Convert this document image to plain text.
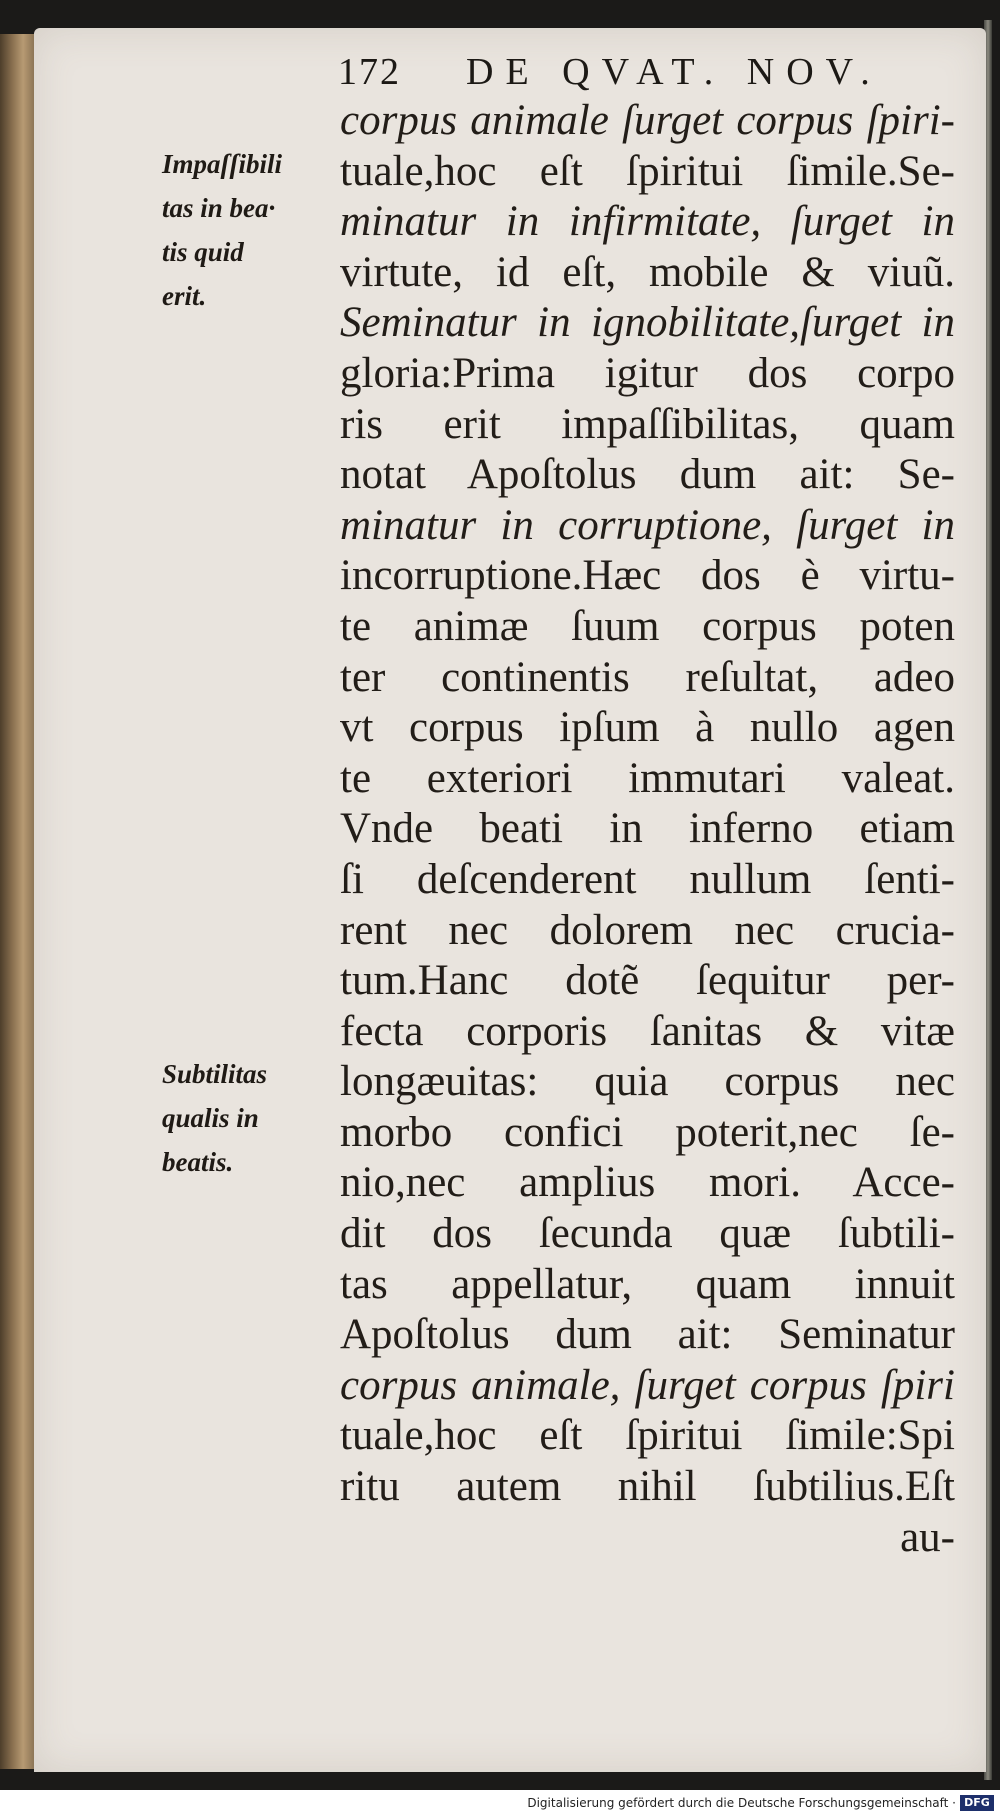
172 DE QVAT. NOV.
Impaſſibili
tas in bea·
tis quid
erit.
Subtilitas
qualis in
beatis.
corpus animale ſurget corpus ſpiri-
tuale,hoc eſt ſpiritui ſimile.Se-
minatur in infirmitate, ſurget in
virtute, id eſt, mobile & viuũ.
Seminatur in ignobilitate,ſurget in
gloria:Prima igitur dos corpo
ris erit impaſſibilitas, quam
notat Apoſtolus dum ait: Se-
minatur in corruptione, ſurget in
incorruptione.Hæc dos è virtu-
te animæ ſuum corpus poten
ter continentis reſultat, adeo
vt corpus ipſum à nullo agen
te exteriori immutari valeat.
Vnde beati in inferno etiam
ſi deſcenderent nullum ſenti-
rent nec dolorem nec crucia-
tum.Hanc dotẽ ſequitur per-
fecta corporis ſanitas & vitæ
longæuitas: quia corpus nec
morbo confici poterit,nec ſe-
nio,nec amplius mori. Acce-
dit dos ſecunda quæ ſubtili-
tas appellatur, quam innuit
Apoſtolus dum ait: Seminatur
corpus animale, ſurget corpus ſpiri
tuale,hoc eſt ſpiritui ſimile:Spi
ritu autem nihil ſubtilius.Eſt
au-
Digitalisierung gefördert durch die Deutsche Forschungsgemeinschaft · DFG
